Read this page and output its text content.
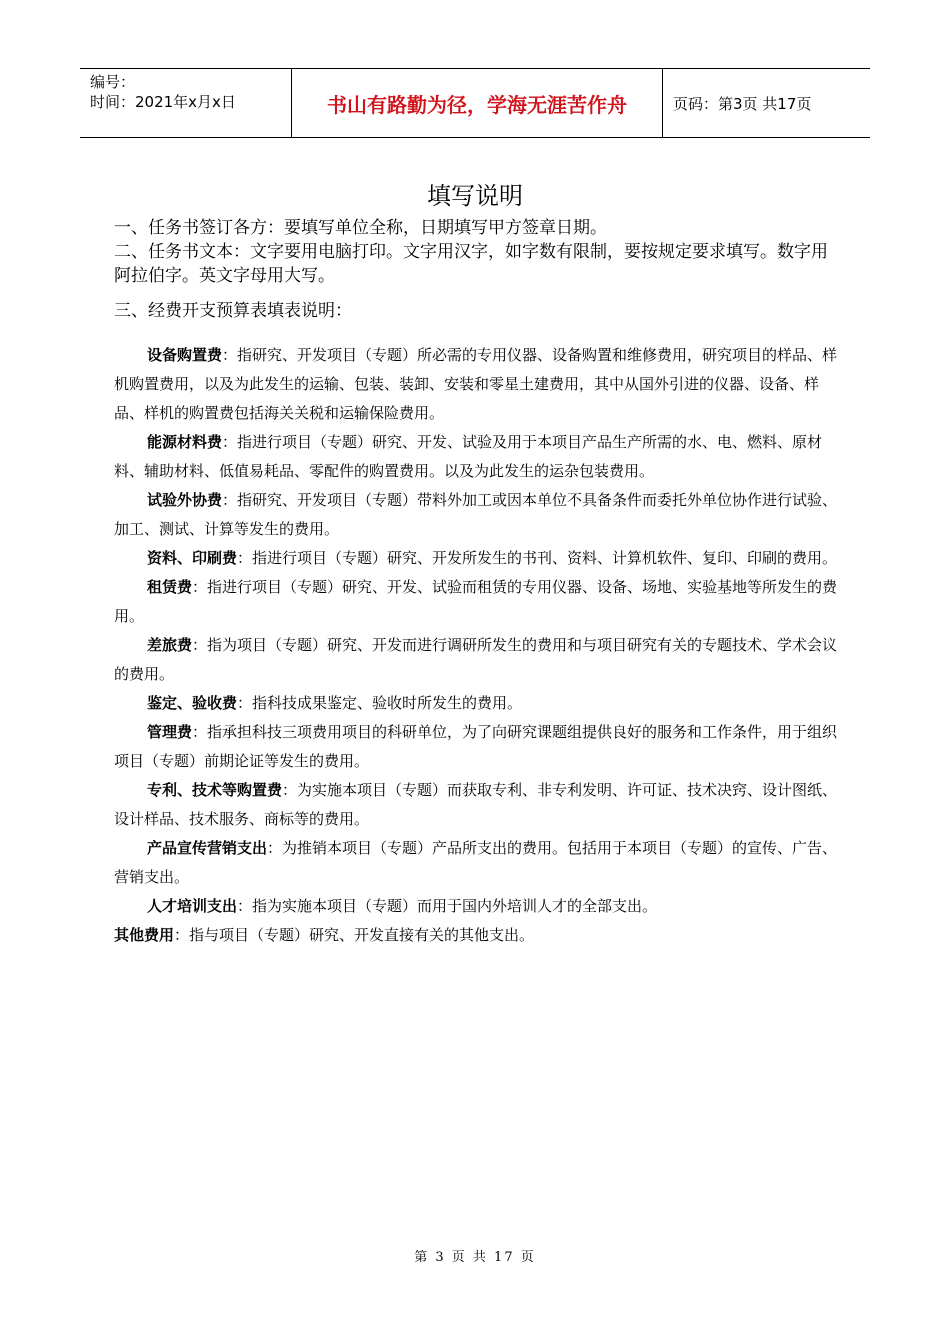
编号：
时间：2021年x月x日	书山有路勤为径，学海无涯苦作舟	页码：第3页 共17页
填写说明

一、任务书签订各方：要填写单位全称，日期填写甲方签章日期。

二、任务书文本：文字要用电脑打印。文字用汉字，如字数有限制，要按规定要求填写。数字用阿拉伯字。英文字母用大写。

三、经费开支预算表填表说明：

设备购置费：指研究、开发项目（专题）所必需的专用仪器、设备购置和维修费用，研究项目的样品、样机购置费用，以及为此发生的运输、包装、装卸、安装和零星土建费用，其中从国外引进的仪器、设备、样品、样机的购置费包括海关关税和运输保险费用。

能源材料费：指进行项目（专题）研究、开发、试验及用于本项目产品生产所需的水、电、燃料、原材料、辅助材料、低值易耗品、零配件的购置费用。以及为此发生的运杂包装费用。

试验外协费：指研究、开发项目（专题）带料外加工或因本单位不具备条件而委托外单位协作进行试验、加工、测试、计算等发生的费用。

资料、印刷费：指进行项目（专题）研究、开发所发生的书刊、资料、计算机软件、复印、印刷的费用。

租赁费：指进行项目（专题）研究、开发、试验而租赁的专用仪器、设备、场地、实验基地等所发生的费用。

差旅费：指为项目（专题）研究、开发而进行调研所发生的费用和与项目研究有关的专题技术、学术会议的费用。

鉴定、验收费：指科技成果鉴定、验收时所发生的费用。

管理费：指承担科技三项费用项目的科研单位，为了向研究课题组提供良好的服务和工作条件，用于组织项目（专题）前期论证等发生的费用。

专利、技术等购置费：为实施本项目（专题）而获取专利、非专利发明、许可证、技术决窍、设计图纸、设计样品、技术服务、商标等的费用。

产品宣传营销支出：为推销本项目（专题）产品所支出的费用。包括用于本项目（专题）的宣传、广告、营销支出。

人才培训支出：指为实施本项目（专题）而用于国内外培训人才的全部支出。

其他费用：指与项目（专题）研究、开发直接有关的其他支出。

第 3 页 共 17 页
